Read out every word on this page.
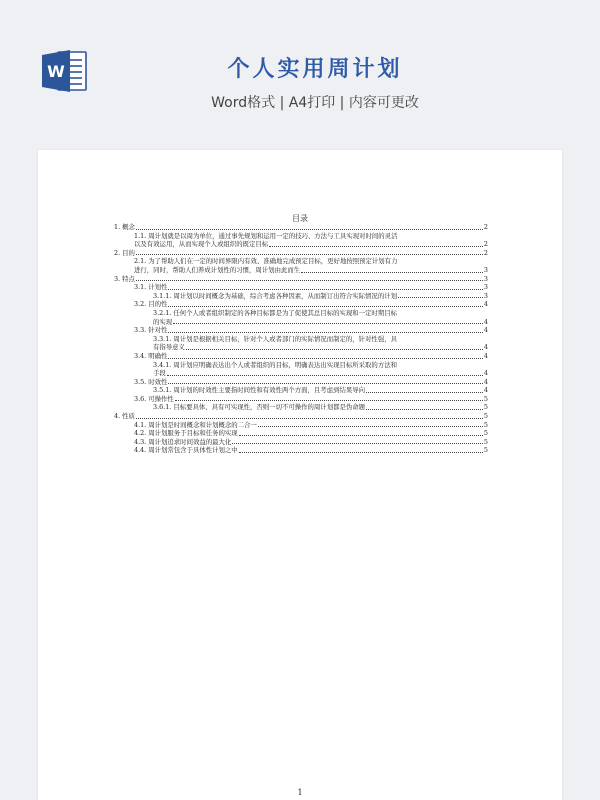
W	个人实用周计划
Word格式 | A4打印 | 内容可更改
目录
1. 概念	2
1.1. 周计划就是以周为单位，通过事先规划和运用一定的技巧、方法与工具实现对时间的灵活
以及有效运用，从而实现个人或组织的既定目标	2
2. 目的	2
2.1. 为了帮助人们在一定的时间界限内有效、准确地完成预定目标，更好地按照预定计划有力
进行，同时，帮助人们养成计划性的习惯，周计划由此而生	3
3. 特点	3
3.1. 计划性	3
3.1.1. 周计划以时间概念为基础，综合考虑各种因素，从而制订出符合实际情况的计划	3
3.2. 目的性	4
3.2.1. 任何个人或者组织制定的各种目标都是为了促使其总目标的实现和一定时期目标
的实现	4
3.3. 针对性	4
3.3.1. 周计划是根据相关目标，针对个人或者部门的实际情况而制定的，针对性强，具
有指导意义	4
3.4. 明确性	4
3.4.1. 周计划应明确表达出个人或者组织的目标，明确表达出实现目标所采取的方法和
手段	4
3.5. 时效性	4
3.5.1. 周计划的时效性主要指时间性和有效性两个方面，且考虑到结果导向	4
3.6. 可操作性	5
3.6.1. 目标要具体、具有可实现性，否则一切不可操作的周计划都是伪命题	5
4. 性质	5
4.1. 周计划是时间概念和计划概念的二合一	5
4.2. 周计划服务于目标和任务的实现	5
4.3. 周计划追求时间效益的最大化	5
4.4. 周计划常包含于具体性计划之中	5
1
